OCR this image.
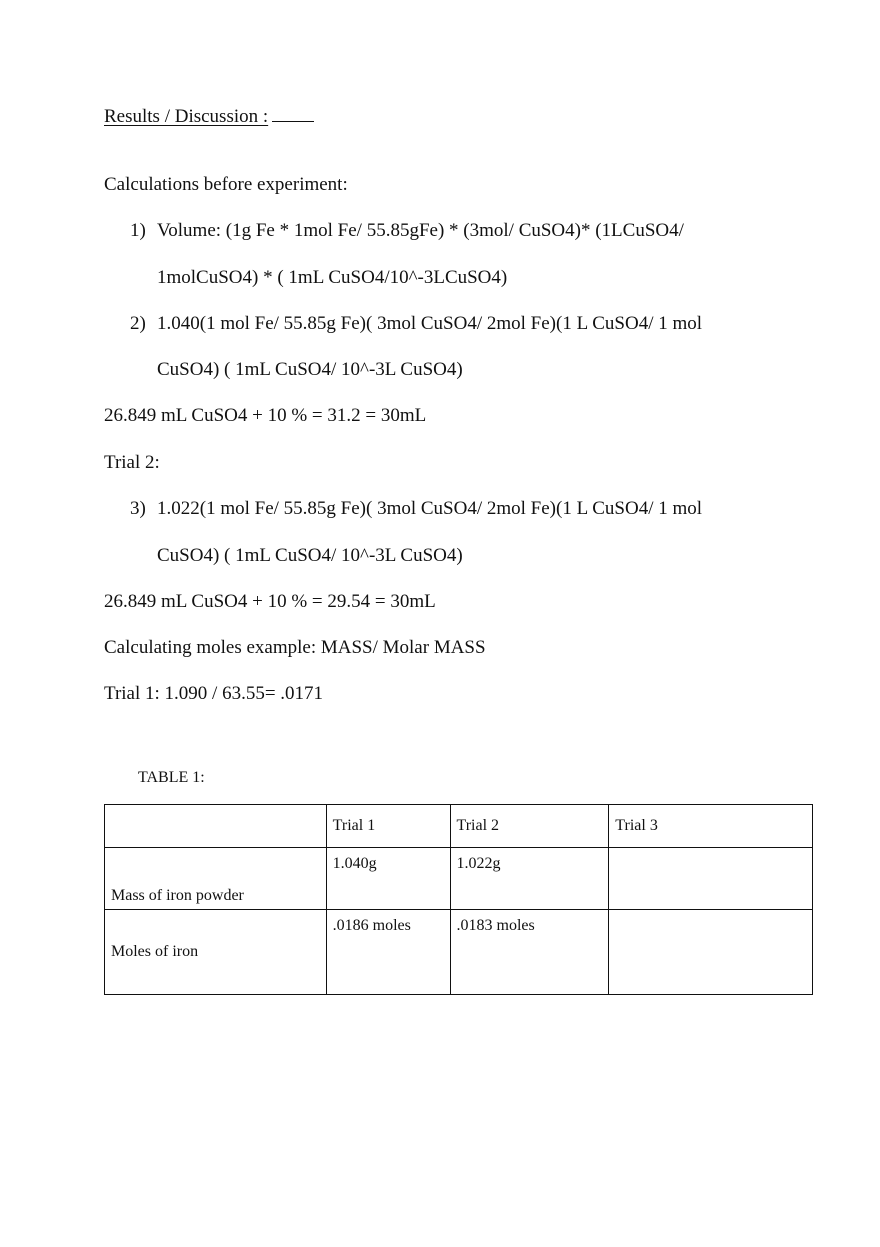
Results / Discussion :
Calculations before experiment:
1) Volume: (1g Fe * 1mol Fe/ 55.85gFe) * (3mol/ CuSO4)* (1LCuSO4/
1molCuSO4) * ( 1mL CuSO4/10^-3LCuSO4)
2) 1.040(1 mol Fe/ 55.85g Fe)( 3mol CuSO4/ 2mol Fe)(1 L CuSO4/ 1 mol
CuSO4) ( 1mL CuSO4/ 10^-3L CuSO4)
26.849 mL CuSO4 + 10 % = 31.2 = 30mL
Trial 2:
3) 1.022(1 mol Fe/ 55.85g Fe)( 3mol CuSO4/ 2mol Fe)(1 L CuSO4/ 1 mol
CuSO4) ( 1mL CuSO4/ 10^-3L CuSO4)
26.849 mL CuSO4 + 10 % = 29.54 = 30mL
Calculating moles example: MASS/ Molar MASS
Trial 1: 1.090 / 63.55= .0171
TABLE 1:
	Trial 1	Trial 2	Trial 3
Mass of iron powder	1.040g	1.022g	
Moles of iron	.0186 moles	.0183 moles	
